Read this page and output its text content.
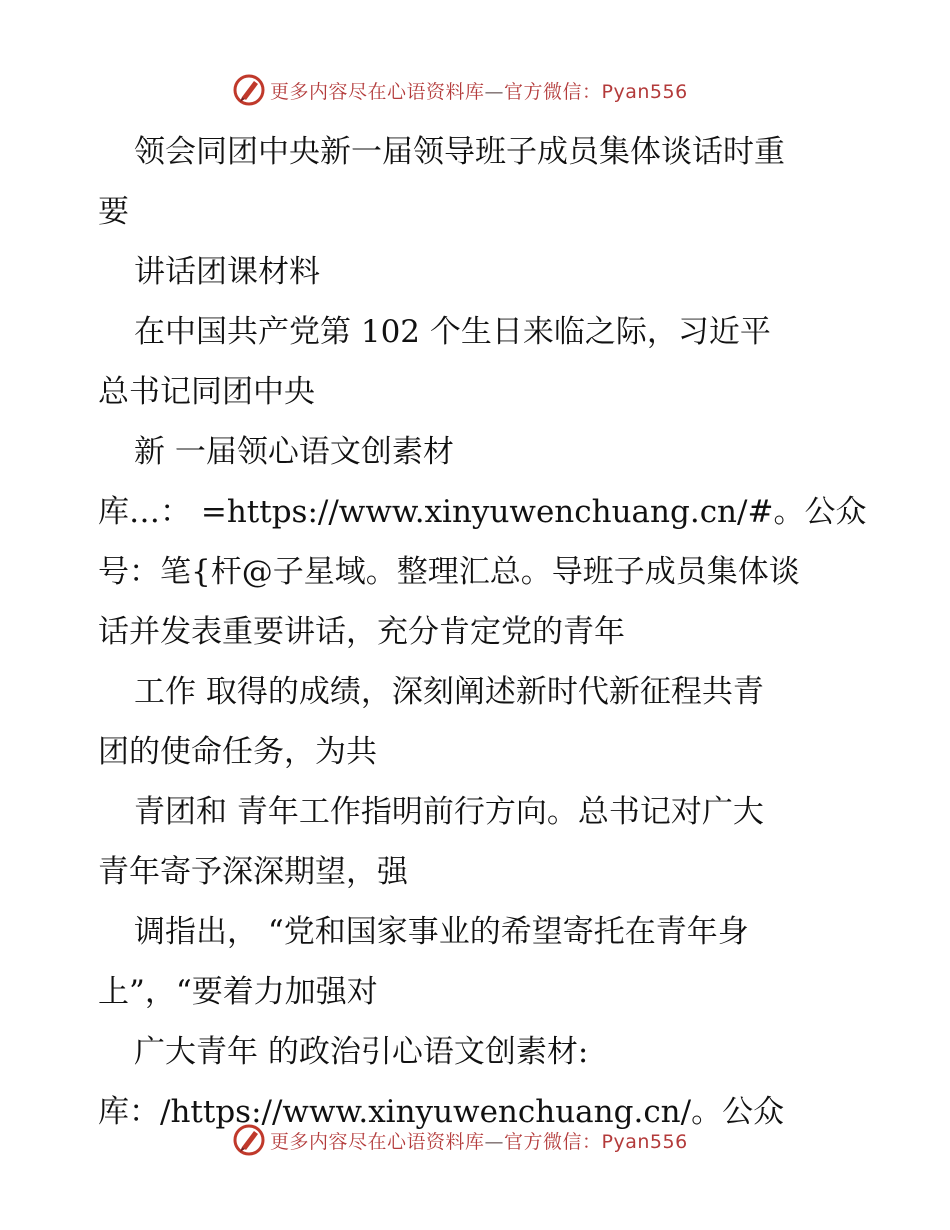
更多内容尽在心语资料库—官方微信：Pyan556
领会同团中央新一届领导班子成员集体谈话时重
要
讲话团课材料
在中国共产党第 102 个生日来临之际，习近平
总书记同团中央
新 一届领心语文创素材
库…： =https://www.xinyuwenchuang.cn/#。公众
号：笔{杆@子星域。整理汇总。导班子成员集体谈
话并发表重要讲话，充分肯定党的青年
工作 取得的成绩，深刻阐述新时代新征程共青
团的使命任务，为共
青团和 青年工作指明前行方向。总书记对广大
青年寄予深深期望，强
调指出， “党和国家事业的希望寄托在青年身
上”，“要着力加强对
广大青年 的政治引心语文创素材:
库：/https://www.xinyuwenchuang.cn/。公众
更多内容尽在心语资料库—官方微信：Pyan556
